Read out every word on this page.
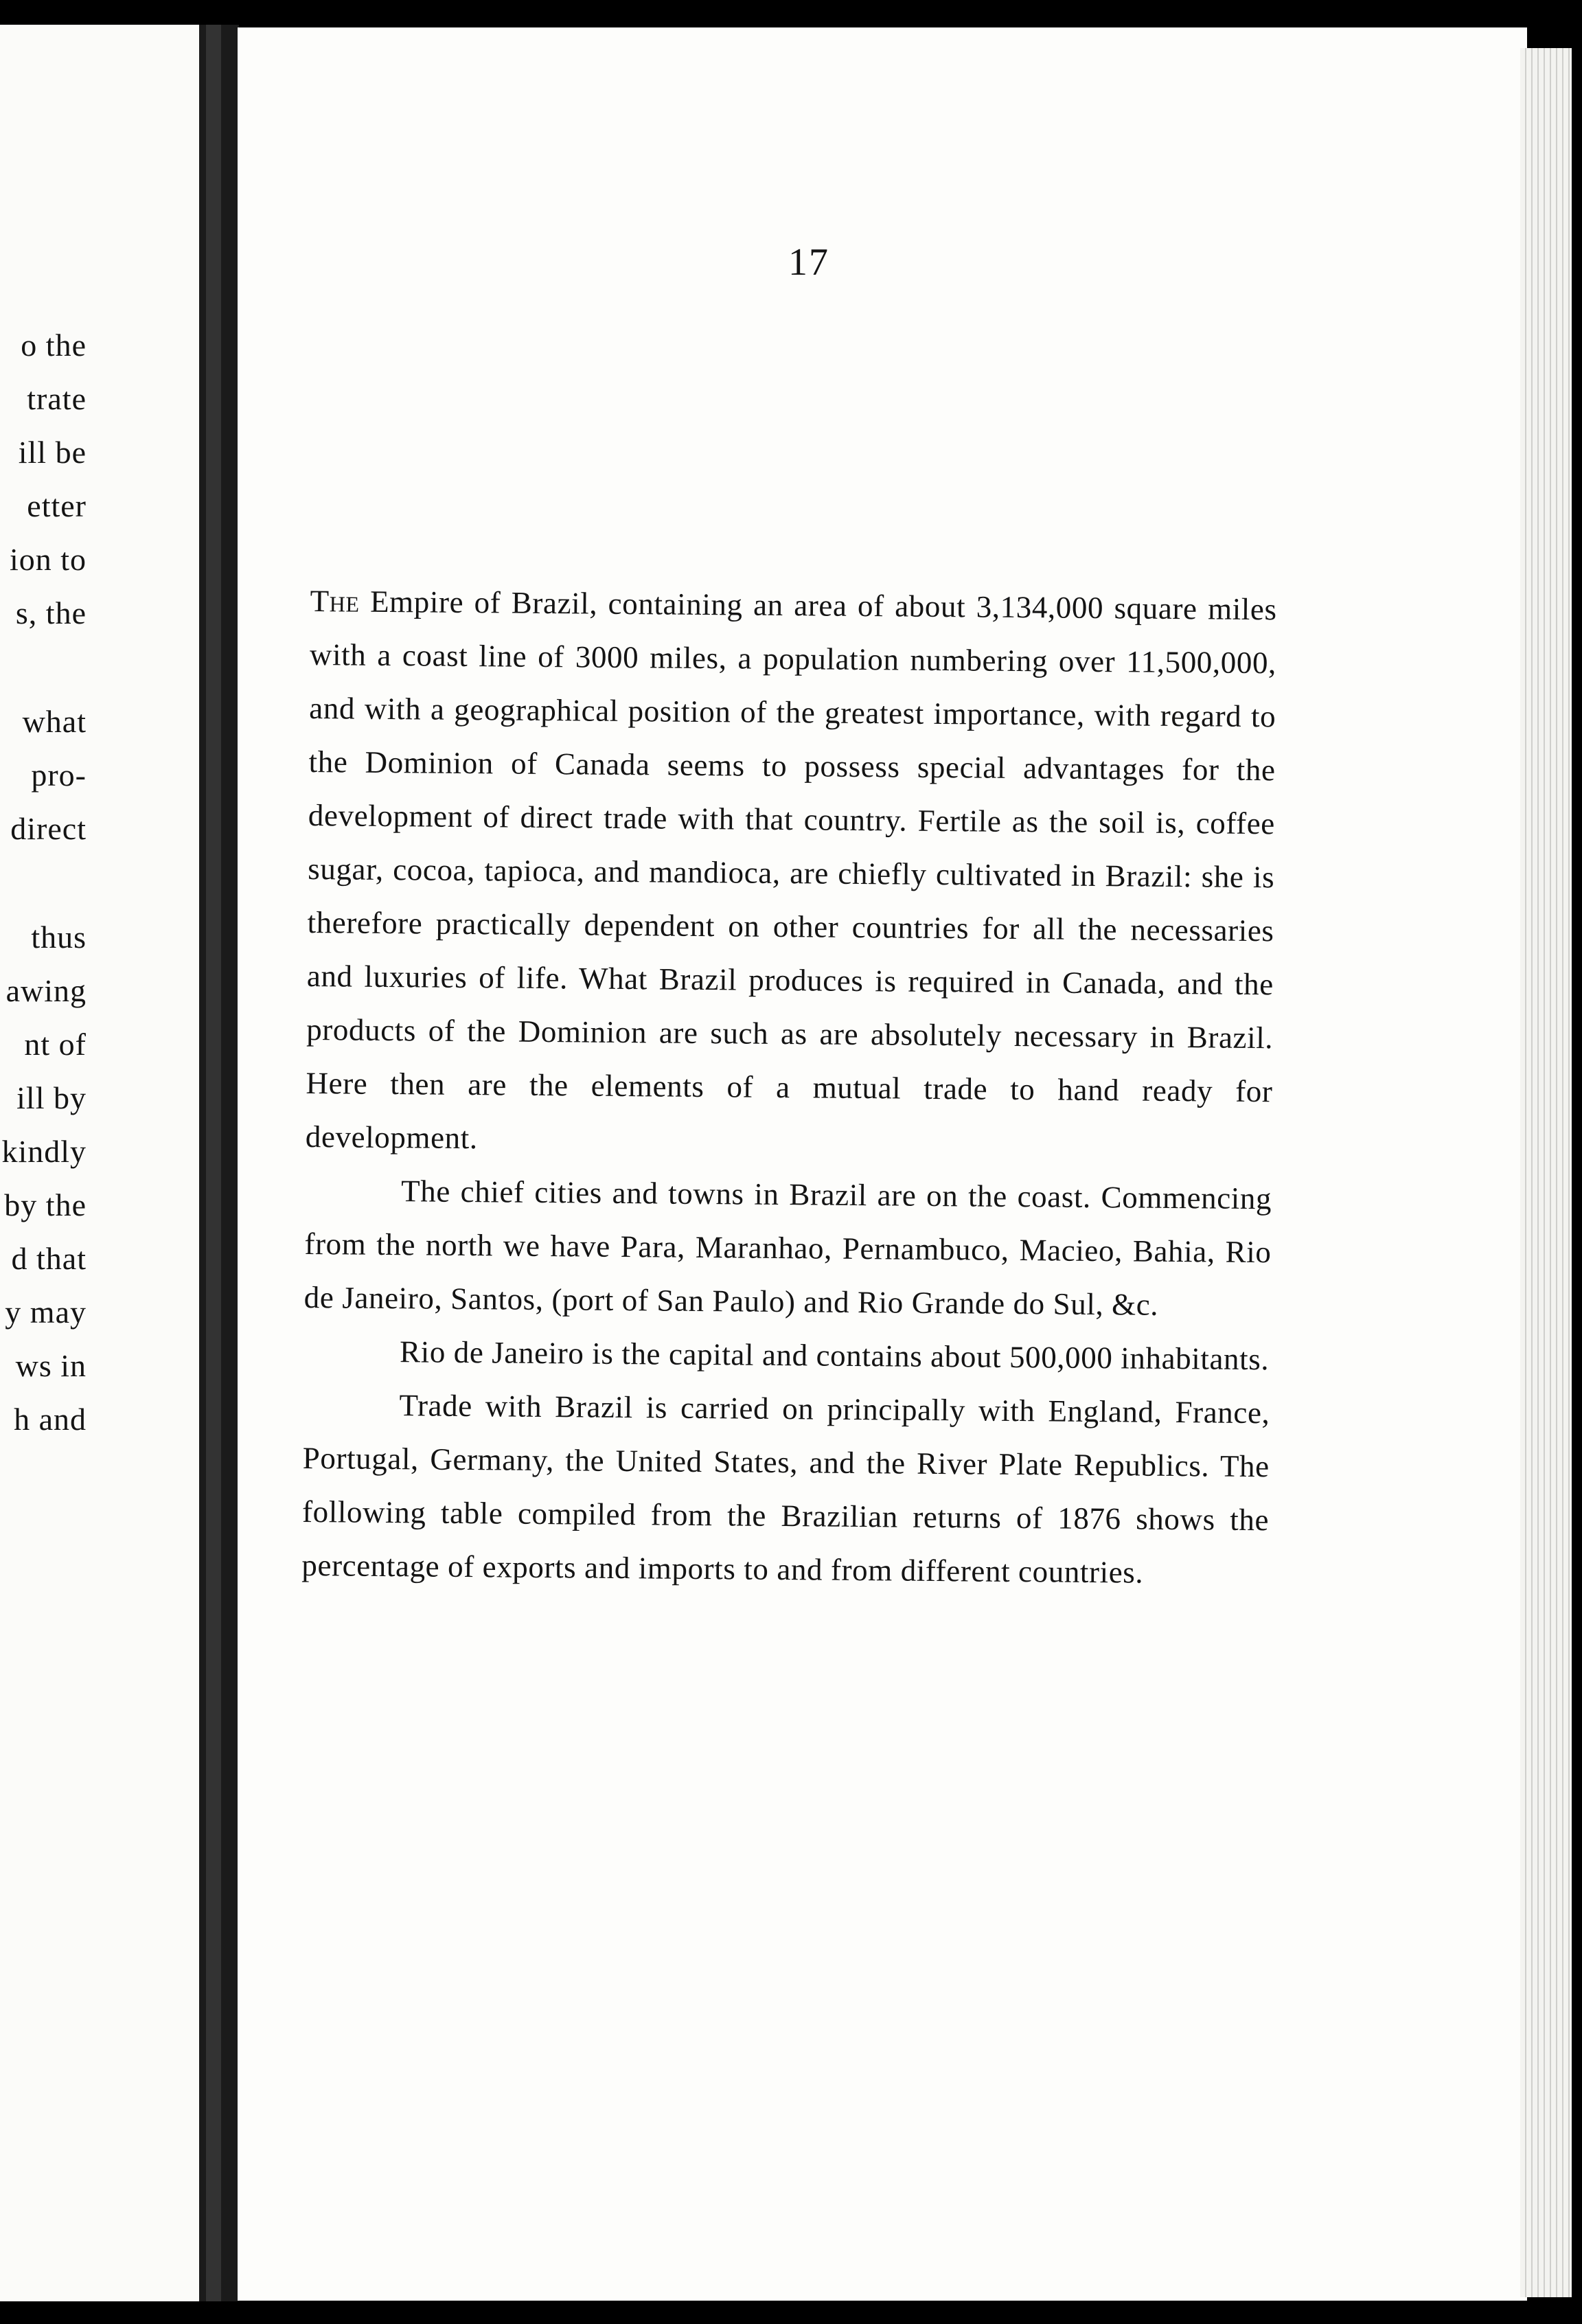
o the
trate
ill be
etter
ion to
s, the
what
pro-
direct
thus
awing
nt of
ill by
kindly
by the
d that
y may
ws in
h and
17

The Empire of Brazil, containing an area of about 3,134,000 square miles with a coast line of 3000 miles, a population numbering over 11,500,000, and with a geographical position of the greatest importance, with regard to the Dominion of Canada seems to possess special advantages for the development of direct trade with that country. Fertile as the soil is, coffee sugar, cocoa, tapioca, and mandioca, are chiefly cultivated in Brazil: she is therefore practically dependent on other countries for all the necessaries and luxuries of life. What Brazil produces is required in Canada, and the products of the Dominion are such as are absolutely necessary in Brazil. Here then are the elements of a mutual trade to hand ready for development.

The chief cities and towns in Brazil are on the coast. Commencing from the north we have Para, Maranhao, Pernambuco, Macieo, Bahia, Rio de Janeiro, Santos, (port of San Paulo) and Rio Grande do Sul, &c.

Rio de Janeiro is the capital and contains about 500,000 inhabitants.

Trade with Brazil is carried on principally with England, France, Portugal, Germany, the United States, and the River Plate Republics. The following table compiled from the Brazilian returns of 1876 shows the percentage of exports and imports to and from different countries.
